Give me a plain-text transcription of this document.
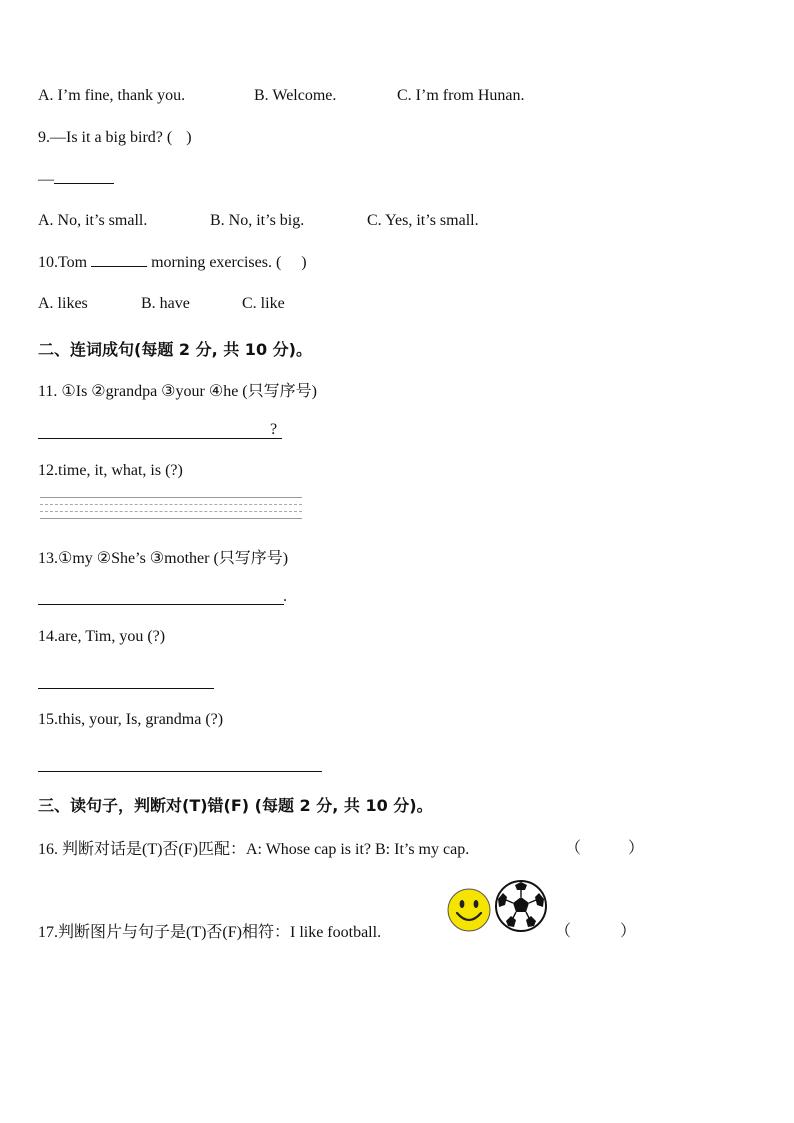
A. I’m fine, thank you.	B. Welcome.	C. I’m from Hunan.
9.—Is it a big bird? ( )
—
A. No, it’s small.	B. No, it’s big.	C. Yes, it’s small.
10.Tom	morning exercises. ( )
A. likes	B. have	C. like
二、连词成句(每题 2 分, 共 10 分)。
11. ①Is ②grandpa ③your ④he (只写序号)
?
12.time, it, what, is (?)
13.①my ②She’s ③mother (只写序号)
.
14.are, Tim, you (?)
15.this, your, Is, grandma (?)
三、读句子，判断对(T)错(F) (每题 2 分, 共 10 分)。
16. 判断对话是(T)否(F)匹配：A: Whose cap is it? B: It’s my cap.	（	）
17.判断图片与句子是(T)否(F)相符：I like football.	（	）
